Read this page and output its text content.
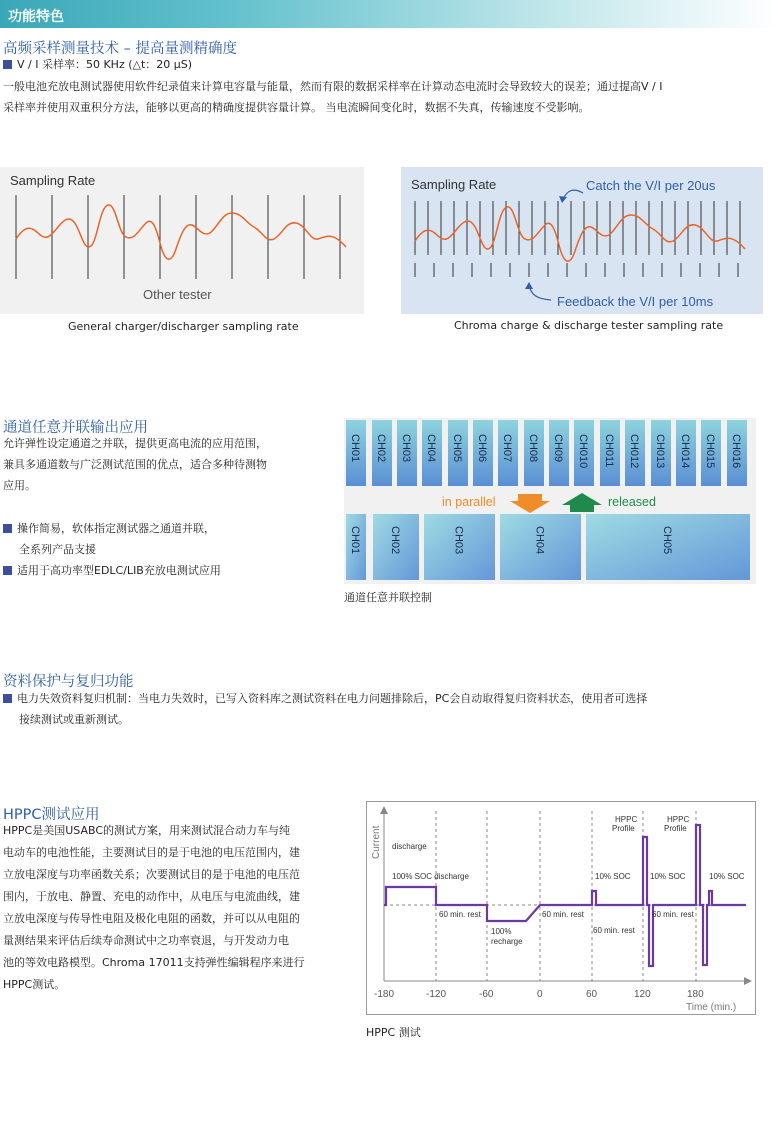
功能特色
高频采样测量技术 – 提高量测精确度
V / I 采样率：50 KHz (△t：20 μS)
一般电池充放电测试器使用软件纪录值来计算电容量与能量，然而有限的数据采样率在计算动态电流时会导致较大的误差；通过提高V / I
采样率并使用双重积分方法，能够以更高的精确度提供容量计算。 当电流瞬间变化时，数据不失真，传输速度不受影响。
Sampling Rate
Other tester
General charger/discharger sampling rate
Sampling Rate	Catch the V/I per 20us
Feedback the V/I per 10ms
Chroma charge & discharge tester sampling rate
通道任意并联输出应用
允许弹性设定通道之并联，提供更高电流的应用范围，
兼具多通道数与广泛测试范围的优点，适合多种待测物
应用。
操作简易，软体指定测试器之通道并联，
全系列产品支援
适用于高功率型EDLC/LIB充放电测试应用
CH01 CH02 CH03 CH04 CH05 CH06 CH07 CH08 CH09 CH010 CH011 CH012 CH013 CH014 CH015 CH016
CH01	CH02	CH03	CH04	CH05
in parallel	released
通道任意并联控制
资料保护与复归功能
电力失效资料复归机制：当电力失效时，已写入资料库之测试资料在电力问题排除后，PC会自动取得复归资料状态，使用者可选择
接续测试或重新测试。
HPPC测试应用
HPPC是美国USABC的测试方案，用来测试混合动力车与纯
电动车的电池性能，主要测试目的是于电池的电压范围内，建
立放电深度与功率函数关系；次要测试目的是于电池的电压范
围内，于放电、静置、充电的动作中，从电压与电流曲线，建
立放电深度与传导性电阻及极化电阻的函数，并可以从电阻的
量测结果来评估后续寿命测试中之功率衰退，与开发动力电
池的等效电路模型。Chroma 17011支持弹性编辑程序来进行
HPPC测试。
Current
Time (min.)
-180	-120	-60	0	60	120	180
discharge
100% SOC discharge
60 min. rest
100%
recharge
60 min. rest
10% SOC
60 min. rest
10% SOC
60 min. rest
10% SOC
HPPC
Profile
HPPC
Profile
HPPC 测试
